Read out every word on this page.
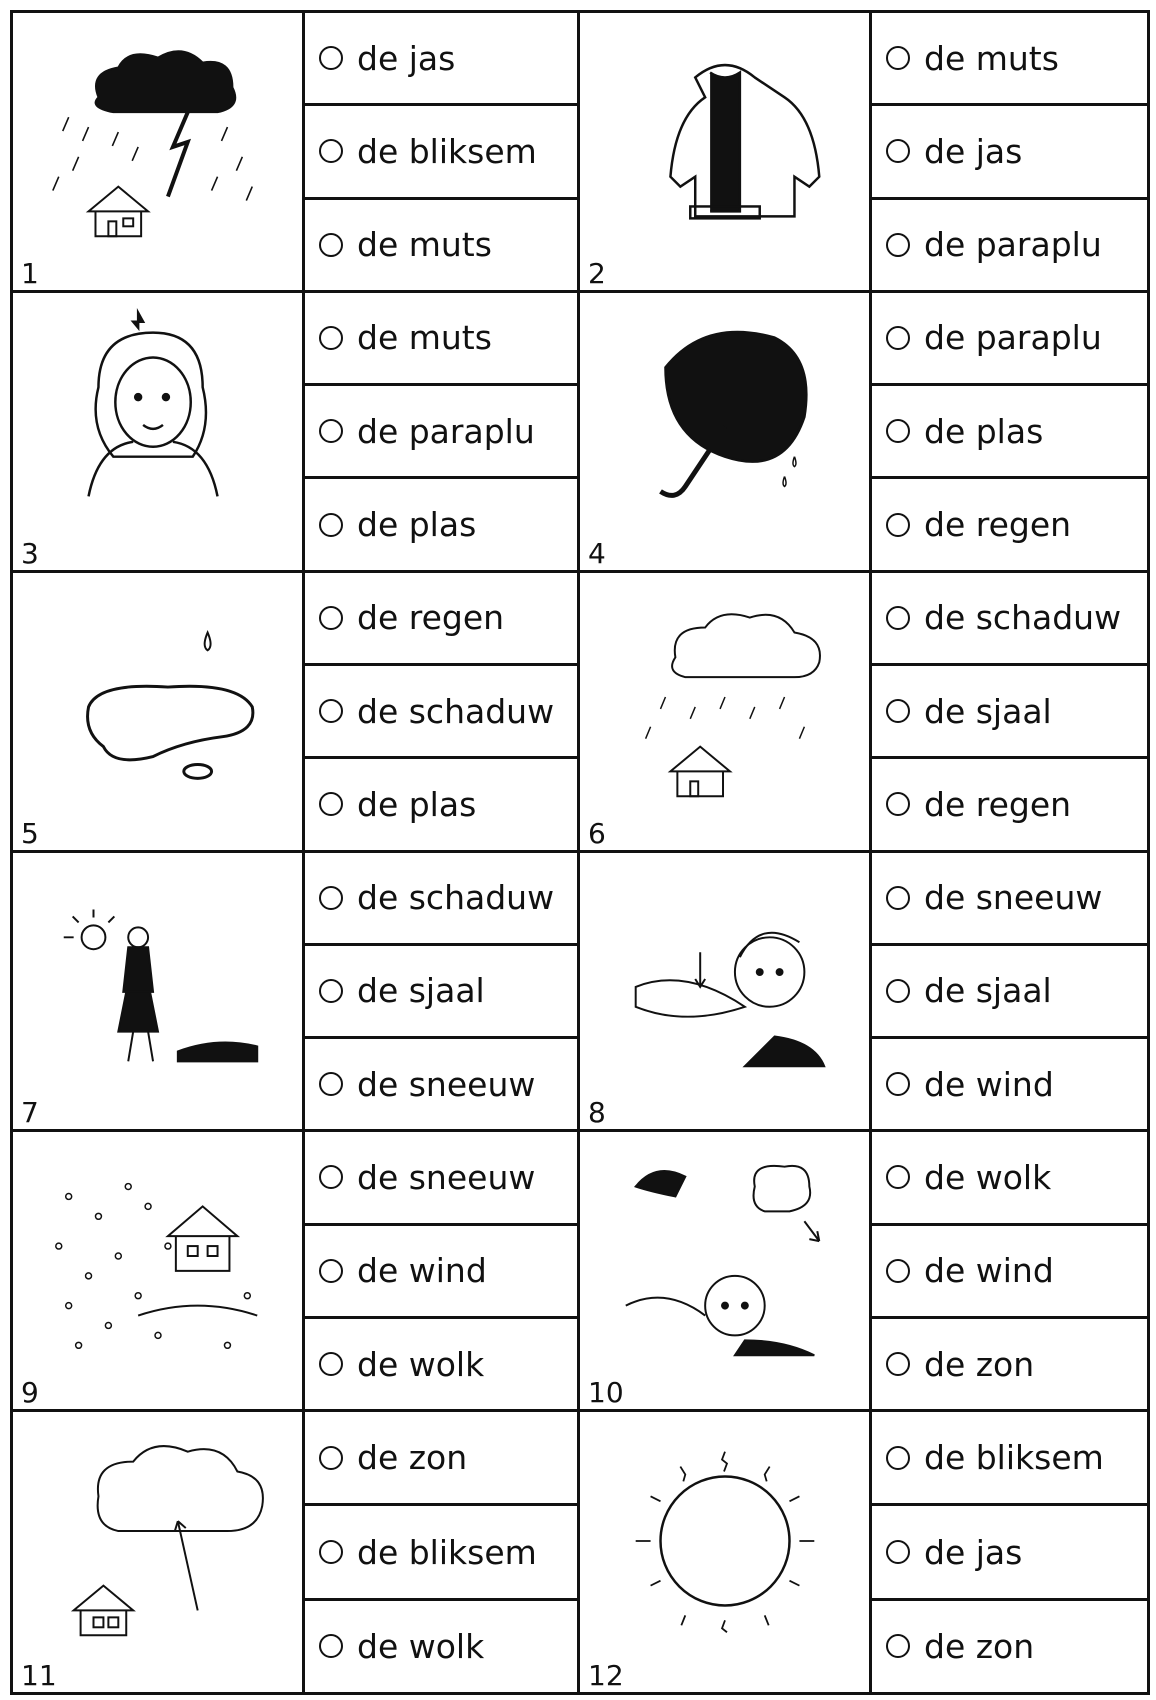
1
de jas
de bliksem
de muts
2
de muts
de jas
de paraplu
3
de muts
de paraplu
de plas
4
de paraplu
de plas
de regen
5
de regen
de schaduw
de plas
6
de schaduw
de sjaal
de regen
7
de schaduw
de sjaal
de sneeuw
8
de sneeuw
de sjaal
de wind
9
de sneeuw
de wind
de wolk
10
de wolk
de wind
de zon
11
de zon
de bliksem
de wolk
12
de bliksem
de jas
de zon
